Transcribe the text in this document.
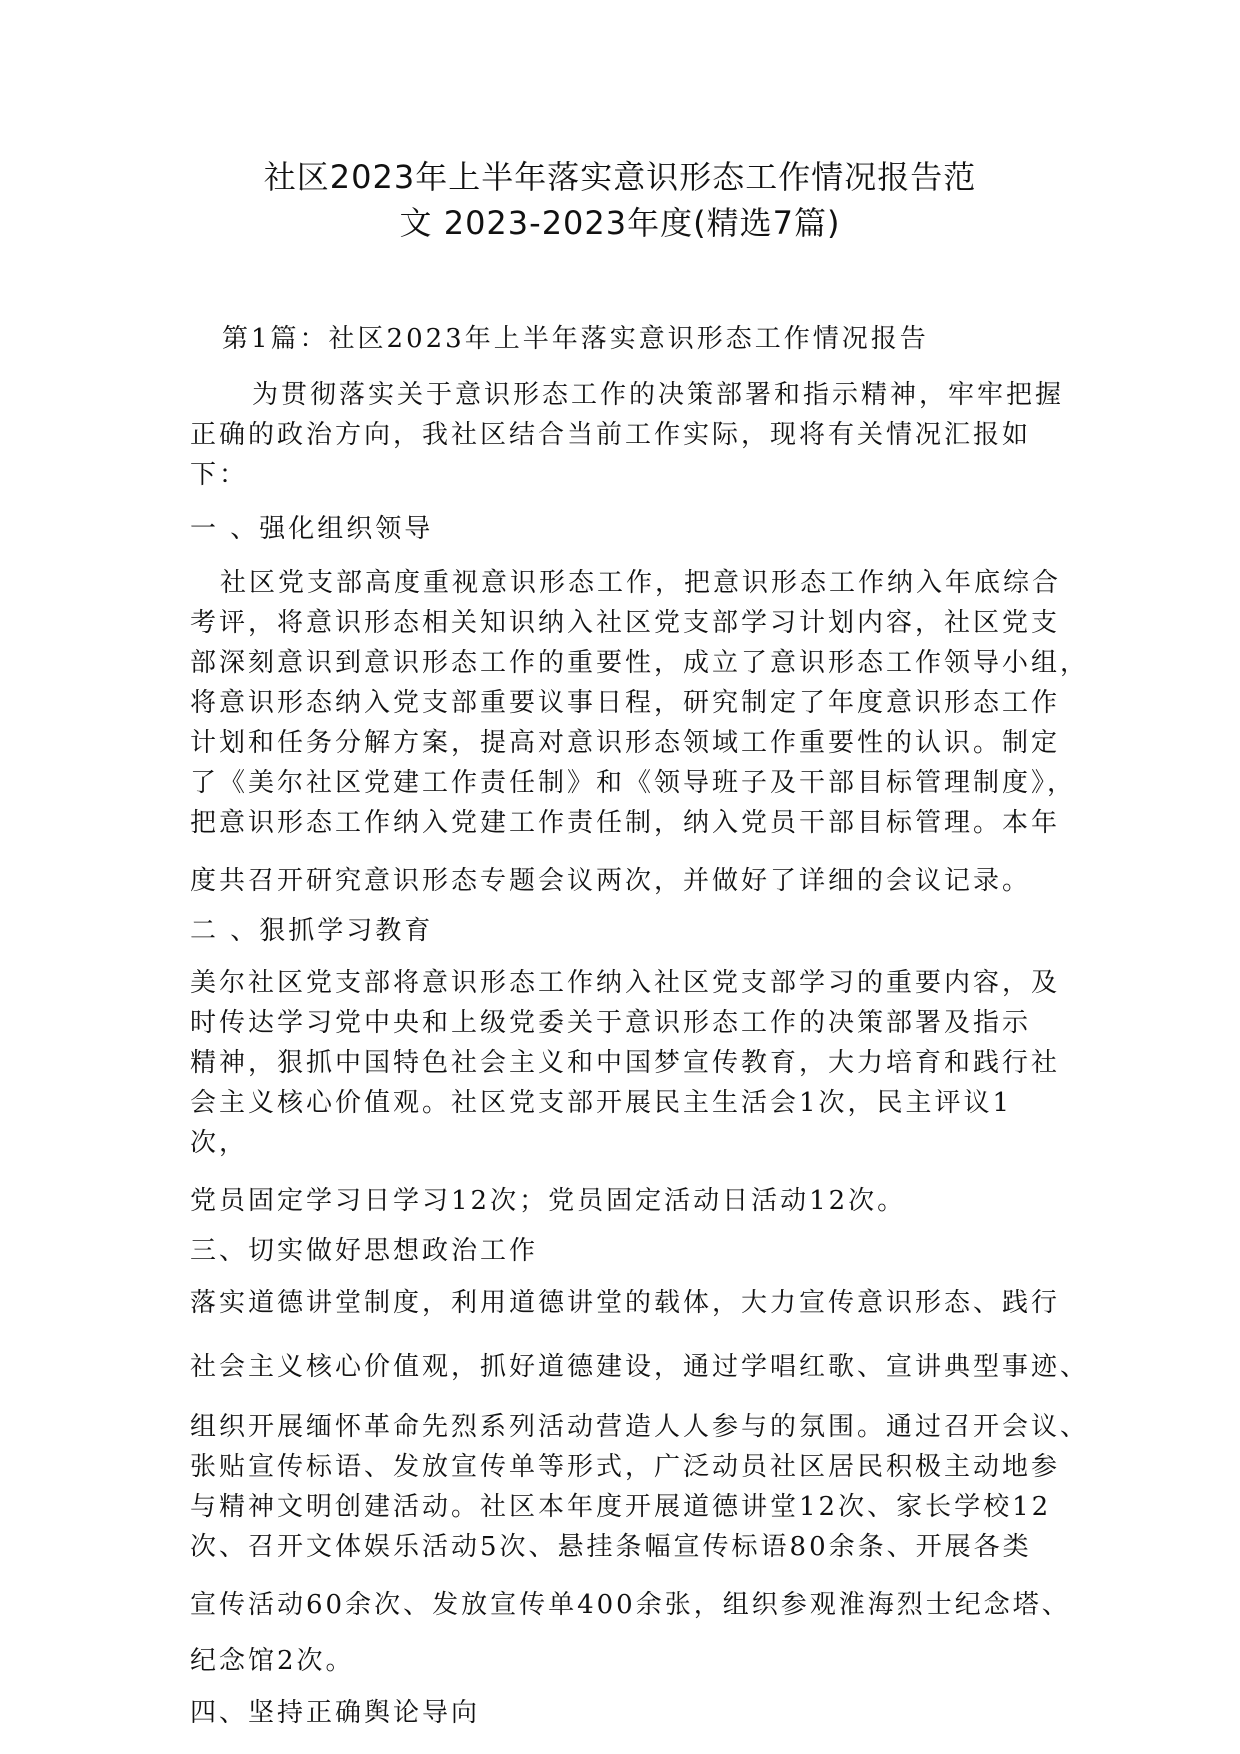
社区2023年上半年落实意识形态工作情况报告范
文 2023-2023年度(精选7篇)
第1篇：社区2023年上半年落实意识形态工作情况报告
为贯彻落实关于意识形态工作的决策部署和指示精神，牢牢把握
正确的政治方向，我社区结合当前工作实际，现将有关情况汇报如
下：
一 、强化组织领导
社区党支部高度重视意识形态工作，把意识形态工作纳入年底综合
考评，将意识形态相关知识纳入社区党支部学习计划内容，社区党支
部深刻意识到意识形态工作的重要性，成立了意识形态工作领导小组，
将意识形态纳入党支部重要议事日程，研究制定了年度意识形态工作
计划和任务分解方案，提高对意识形态领域工作重要性的认识。制定
了《美尔社区党建工作责任制》和《领导班子及干部目标管理制度》，
把意识形态工作纳入党建工作责任制，纳入党员干部目标管理。本年
度共召开研究意识形态专题会议两次，并做好了详细的会议记录。
二 、狠抓学习教育
美尔社区党支部将意识形态工作纳入社区党支部学习的重要内容，及
时传达学习党中央和上级党委关于意识形态工作的决策部署及指示
精神，狠抓中国特色社会主义和中国梦宣传教育，大力培育和践行社
会主义核心价值观。社区党支部开展民主生活会1次，民主评议1
次，
党员固定学习日学习12次；党员固定活动日活动12次。
三、切实做好思想政治工作
落实道德讲堂制度，利用道德讲堂的载体，大力宣传意识形态、践行
社会主义核心价值观，抓好道德建设，通过学唱红歌、宣讲典型事迹、
组织开展缅怀革命先烈系列活动营造人人参与的氛围。通过召开会议、
张贴宣传标语、发放宣传单等形式，广泛动员社区居民积极主动地参
与精神文明创建活动。社区本年度开展道德讲堂12次、家长学校12
次、召开文体娱乐活动5次、悬挂条幅宣传标语80余条、开展各类
宣传活动60余次、发放宣传单400余张，组织参观淮海烈士纪念塔、
纪念馆2次。
四、坚持正确舆论导向
